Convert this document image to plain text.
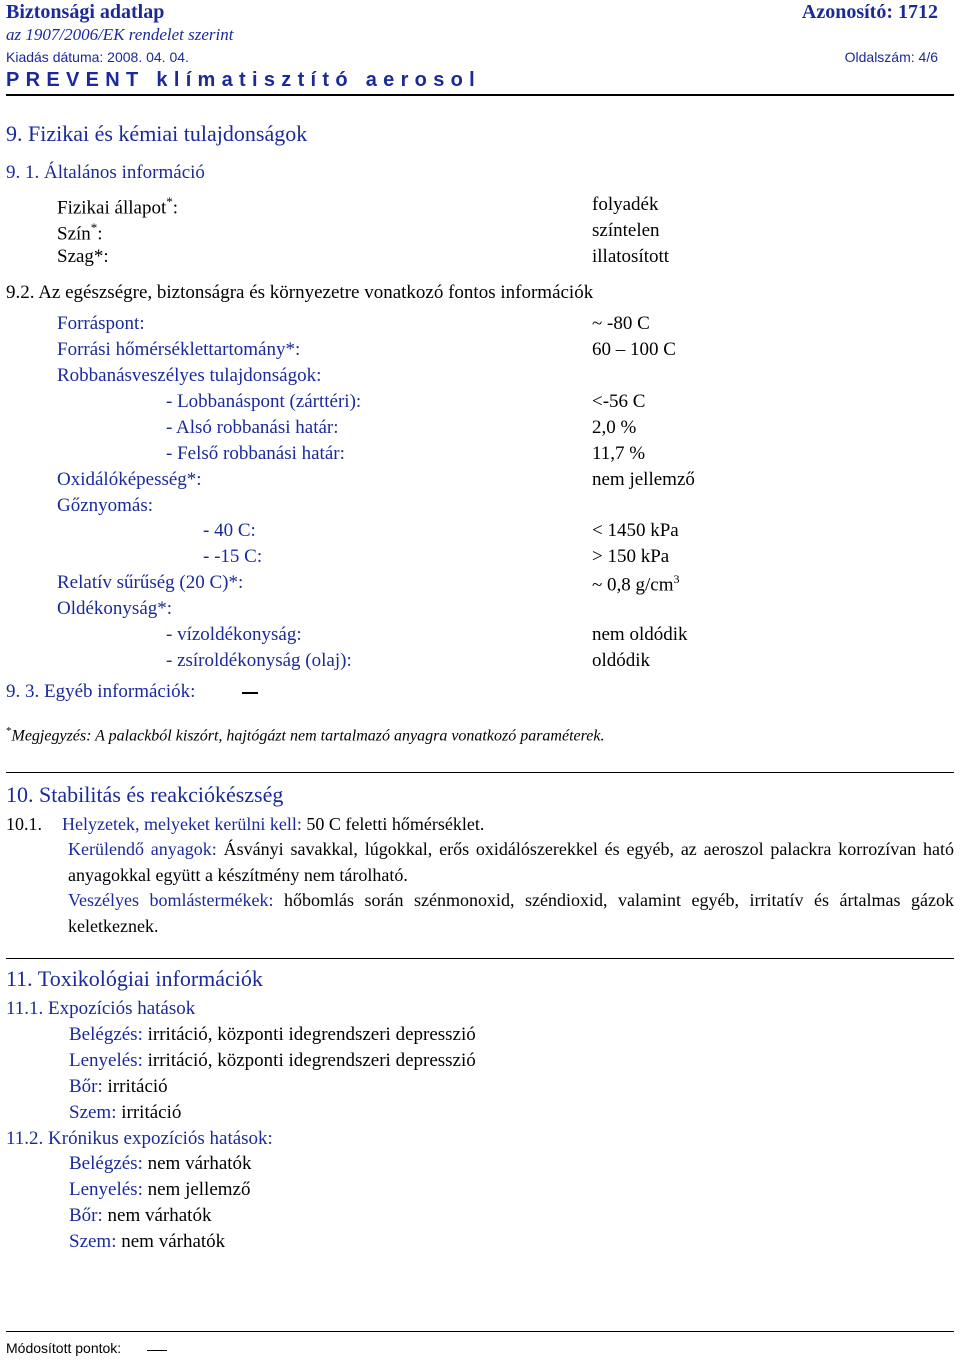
Biztonsági adatlap	Azonosító: 1712
az 1907/2006/EK rendelet szerint
Kiadás dátuma: 2008. 04. 04.	Oldalszám: 4/6
PREVENT klímatisztító aerosol
9. Fizikai és kémiai tulajdonságok
9. 1. Általános információ
Fizikai állapot*:	folyadék
Szín*:	színtelen
Szag*:	illatosított
9.2. Az egészségre, biztonságra és környezetre vonatkozó fontos információk
Forráspont:	~ -80 C
Forrási hőmérséklettartomány*:	60 – 100 C
Robbanásveszélyes tulajdonságok:
- Lobbanáspont (zárttéri):	<-56 C
- Alsó robbanási határ:	2,0 %
- Felső robbanási határ:	11,7 %
Oxidálóképesség*:	nem jellemző
Gőznyomás:
- 40 C:	< 1450 kPa
- -15 C:	> 150 kPa
Relatív sűrűség (20 C)*:	~ 0,8 $g/cm^3$
Oldékonyság*:
- vízoldékonyság:	nem oldódik
- zsíroldékonyság (olaj):	oldódik
9. 3. Egyéb információk:
*Megjegyzés: A palackból kiszórt, hajtógázt nem tartalmazó anyagra vonatkozó paraméterek.
10. Stabilitás és reakciókészség
10.1. Helyzetek, melyeket kerülni kell: 50 C feletti hőmérséklet.
Kerülendő anyagok: Ásványi savakkal, lúgokkal, erős oxidálószerekkel és egyéb, az aeroszol palackra korrozívan ható anyagokkal együtt a készítmény nem tárolható.
Veszélyes bomlástermékek: hőbomlás során szénmonoxid, széndioxid, valamint egyéb, irritatív és ártalmas gázok keletkeznek.
11. Toxikológiai információk
11.1. Expozíciós hatások
Belégzés: irritáció, központi idegrendszeri depresszió
Lenyelés: irritáció, központi idegrendszeri depresszió
Bőr: irritáció
Szem: irritáció
11.2. Krónikus expozíciós hatások:
Belégzés: nem várhatók
Lenyelés: nem jellemző
Bőr: nem várhatók
Szem: nem várhatók
Módosított pontok:
